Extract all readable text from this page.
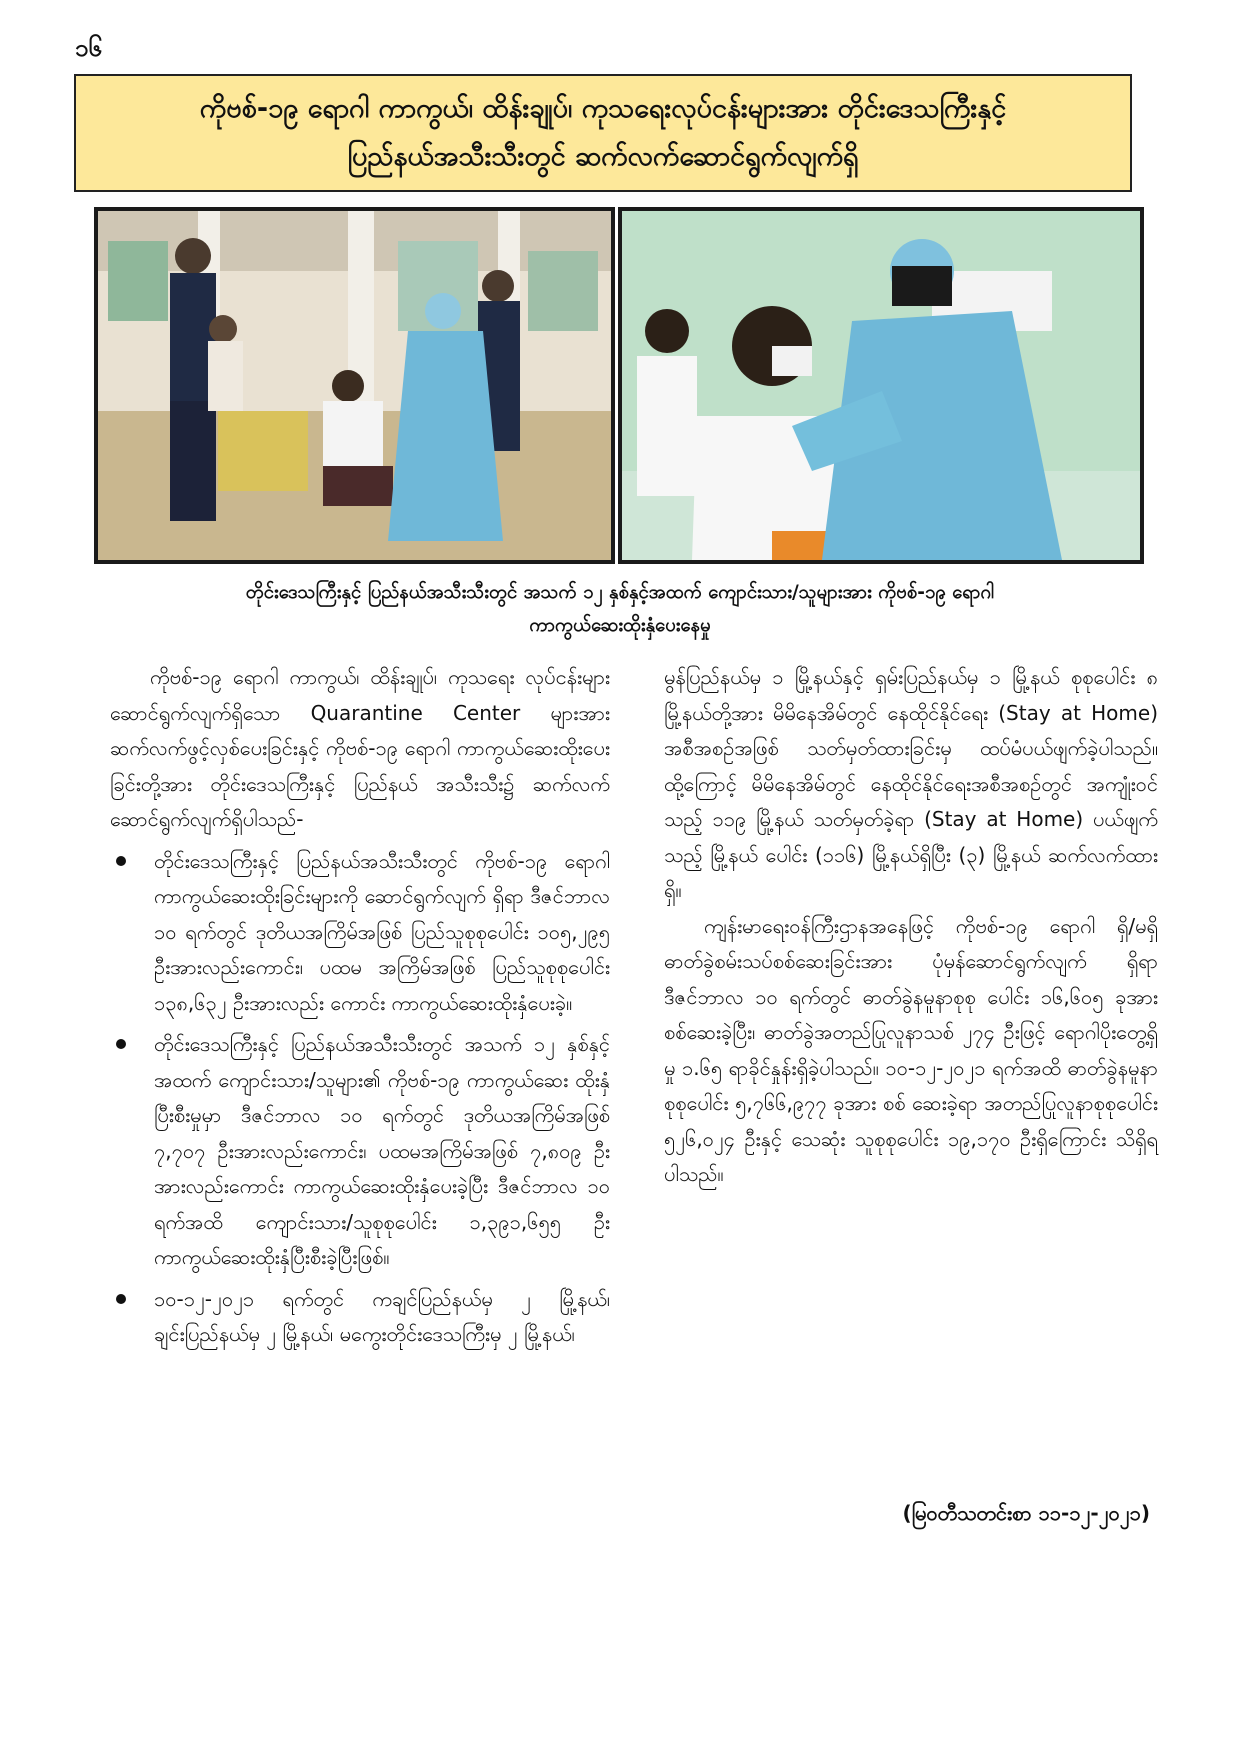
၁၆
ကိုဗစ်-၁၉ ရောဂါ ကာကွယ်၊ ထိန်းချုပ်၊ ကုသရေးလုပ်ငန်းများအား တိုင်းဒေသကြီးနှင့်
ပြည်နယ်အသီးသီးတွင် ဆက်လက်ဆောင်ရွက်လျက်ရှိ
တိုင်းဒေသကြီးနှင့် ပြည်နယ်အသီးသီးတွင် အသက် ၁၂ နှစ်နှင့်အထက် ကျောင်းသား/သူများအား ကိုဗစ်-၁၉ ရောဂါ
ကာကွယ်ဆေးထိုးနှံပေးနေမှု

ကိုဗစ်-၁၉ ရောဂါ ကာကွယ်၊ ထိန်းချုပ်၊ ကုသရေး လုပ်ငန်းများ ဆောင်ရွက်လျက်ရှိသော Quarantine Center များအား ဆက်လက်ဖွင့်လှစ်ပေးခြင်းနှင့် ကိုဗစ်-၁၉ ရောဂါ ကာကွယ်ဆေးထိုးပေးခြင်းတို့အား တိုင်းဒေသကြီးနှင့် ပြည်နယ် အသီးသီး၌ ဆက်လက်ဆောင်ရွက်လျက်ရှိပါသည်-

တိုင်းဒေသကြီးနှင့် ပြည်နယ်အသီးသီးတွင် ကိုဗစ်-၁၉ ရောဂါ ကာကွယ်ဆေးထိုးခြင်းများကို ဆောင်ရွက်လျက် ရှိရာ ဒီဇင်ဘာလ ၁၀ ရက်တွင် ဒုတိယအကြိမ်အဖြစ် ပြည်သူစုစုပေါင်း ၁၀၅,၂၉၅ ဦးအားလည်းကောင်း၊ ပထမ အကြိမ်အဖြစ် ပြည်သူစုစုပေါင်း ၁၃၈,၆၃၂ ဦးအားလည်း ကောင်း ကာကွယ်ဆေးထိုးနှံပေးခဲ့။
တိုင်းဒေသကြီးနှင့် ပြည်နယ်အသီးသီးတွင် အသက် ၁၂ နှစ်နှင့်အထက် ကျောင်းသား/သူများ၏ ကိုဗစ်-၁၉ ကာကွယ်ဆေး ထိုးနှံပြီးစီးမှုမှာ ဒီဇင်ဘာလ ၁၀ ရက်တွင် ဒုတိယအကြိမ်အဖြစ် ၇,၇၀၇ ဦးအားလည်းကောင်း၊ ပထမအကြိမ်အဖြစ် ၇,၈၀၉ ဦးအားလည်းကောင်း ကာကွယ်ဆေးထိုးနှံပေးခဲ့ပြီး ဒီဇင်ဘာလ ၁၀ ရက်အထိ ကျောင်းသား/သူစုစုပေါင်း ၁,၃၉၁,၆၅၅ ဦး ကာကွယ်ဆေးထိုးနှံပြီးစီးခဲ့ပြီးဖြစ်။
၁၀-၁၂-၂၀၂၁ ရက်တွင် ကချင်ပြည်နယ်မှ ၂ မြို့နယ်၊ ချင်းပြည်နယ်မှ ၂ မြို့နယ်၊ မကွေးတိုင်းဒေသကြီးမှ ၂ မြို့နယ်၊

မွန်ပြည်နယ်မှ ၁ မြို့နယ်နှင့် ရှမ်းပြည်နယ်မှ ၁ မြို့နယ် စုစုပေါင်း ၈ မြို့နယ်တို့အား မိမိနေအိမ်တွင် နေထိုင်နိုင်ရေး (Stay at Home) အစီအစဉ်အဖြစ် သတ်မှတ်ထားခြင်းမှ ထပ်မံပယ်ဖျက်ခဲ့ပါသည်။ ထို့ကြောင့် မိမိနေအိမ်တွင် နေထိုင်နိုင်ရေးအစီအစဉ်တွင် အကျုံးဝင်သည့် ၁၁၉ မြို့နယ် သတ်မှတ်ခဲ့ရာ (Stay at Home) ပယ်ဖျက်သည့် မြို့နယ် ပေါင်း (၁၁၆) မြို့နယ်ရှိပြီး (၃) မြို့နယ် ဆက်လက်ထားရှိ။

ကျန်းမာရေးဝန်ကြီးဌာနအနေဖြင့် ကိုဗစ်-၁၉ ရောဂါ ရှိ/မရှိ ဓာတ်ခွဲစမ်းသပ်စစ်ဆေးခြင်းအား ပုံမှန်ဆောင်ရွက်လျက် ရှိရာ ဒီဇင်ဘာလ ၁၀ ရက်တွင် ဓာတ်ခွဲနမူနာစုစု ပေါင်း ၁၆,၆၀၅ ခုအား စစ်ဆေးခဲ့ပြီး၊ ဓာတ်ခွဲအတည်ပြုလူနာသစ် ၂၇၄ ဦးဖြင့် ရောဂါပိုးတွေ့ရှိမှု ၁.၆၅ ရာခိုင်နှုန်းရှိခဲ့ပါသည်။ ၁၀-၁၂-၂၀၂၁ ရက်အထိ ဓာတ်ခွဲနမူနာစုစုပေါင်း ၅,၇၆၆,၉၇၇ ခုအား စစ် ဆေးခဲ့ရာ အတည်ပြုလူနာစုစုပေါင်း ၅၂၆,၀၂၄ ဦးနှင့် သေဆုံး သူစုစုပေါင်း ၁၉,၁၇၀ ဦးရှိကြောင်း သိရှိရပါသည်။

(မြဝတီသတင်းစာ ၁၁-၁၂-၂၀၂၁)
